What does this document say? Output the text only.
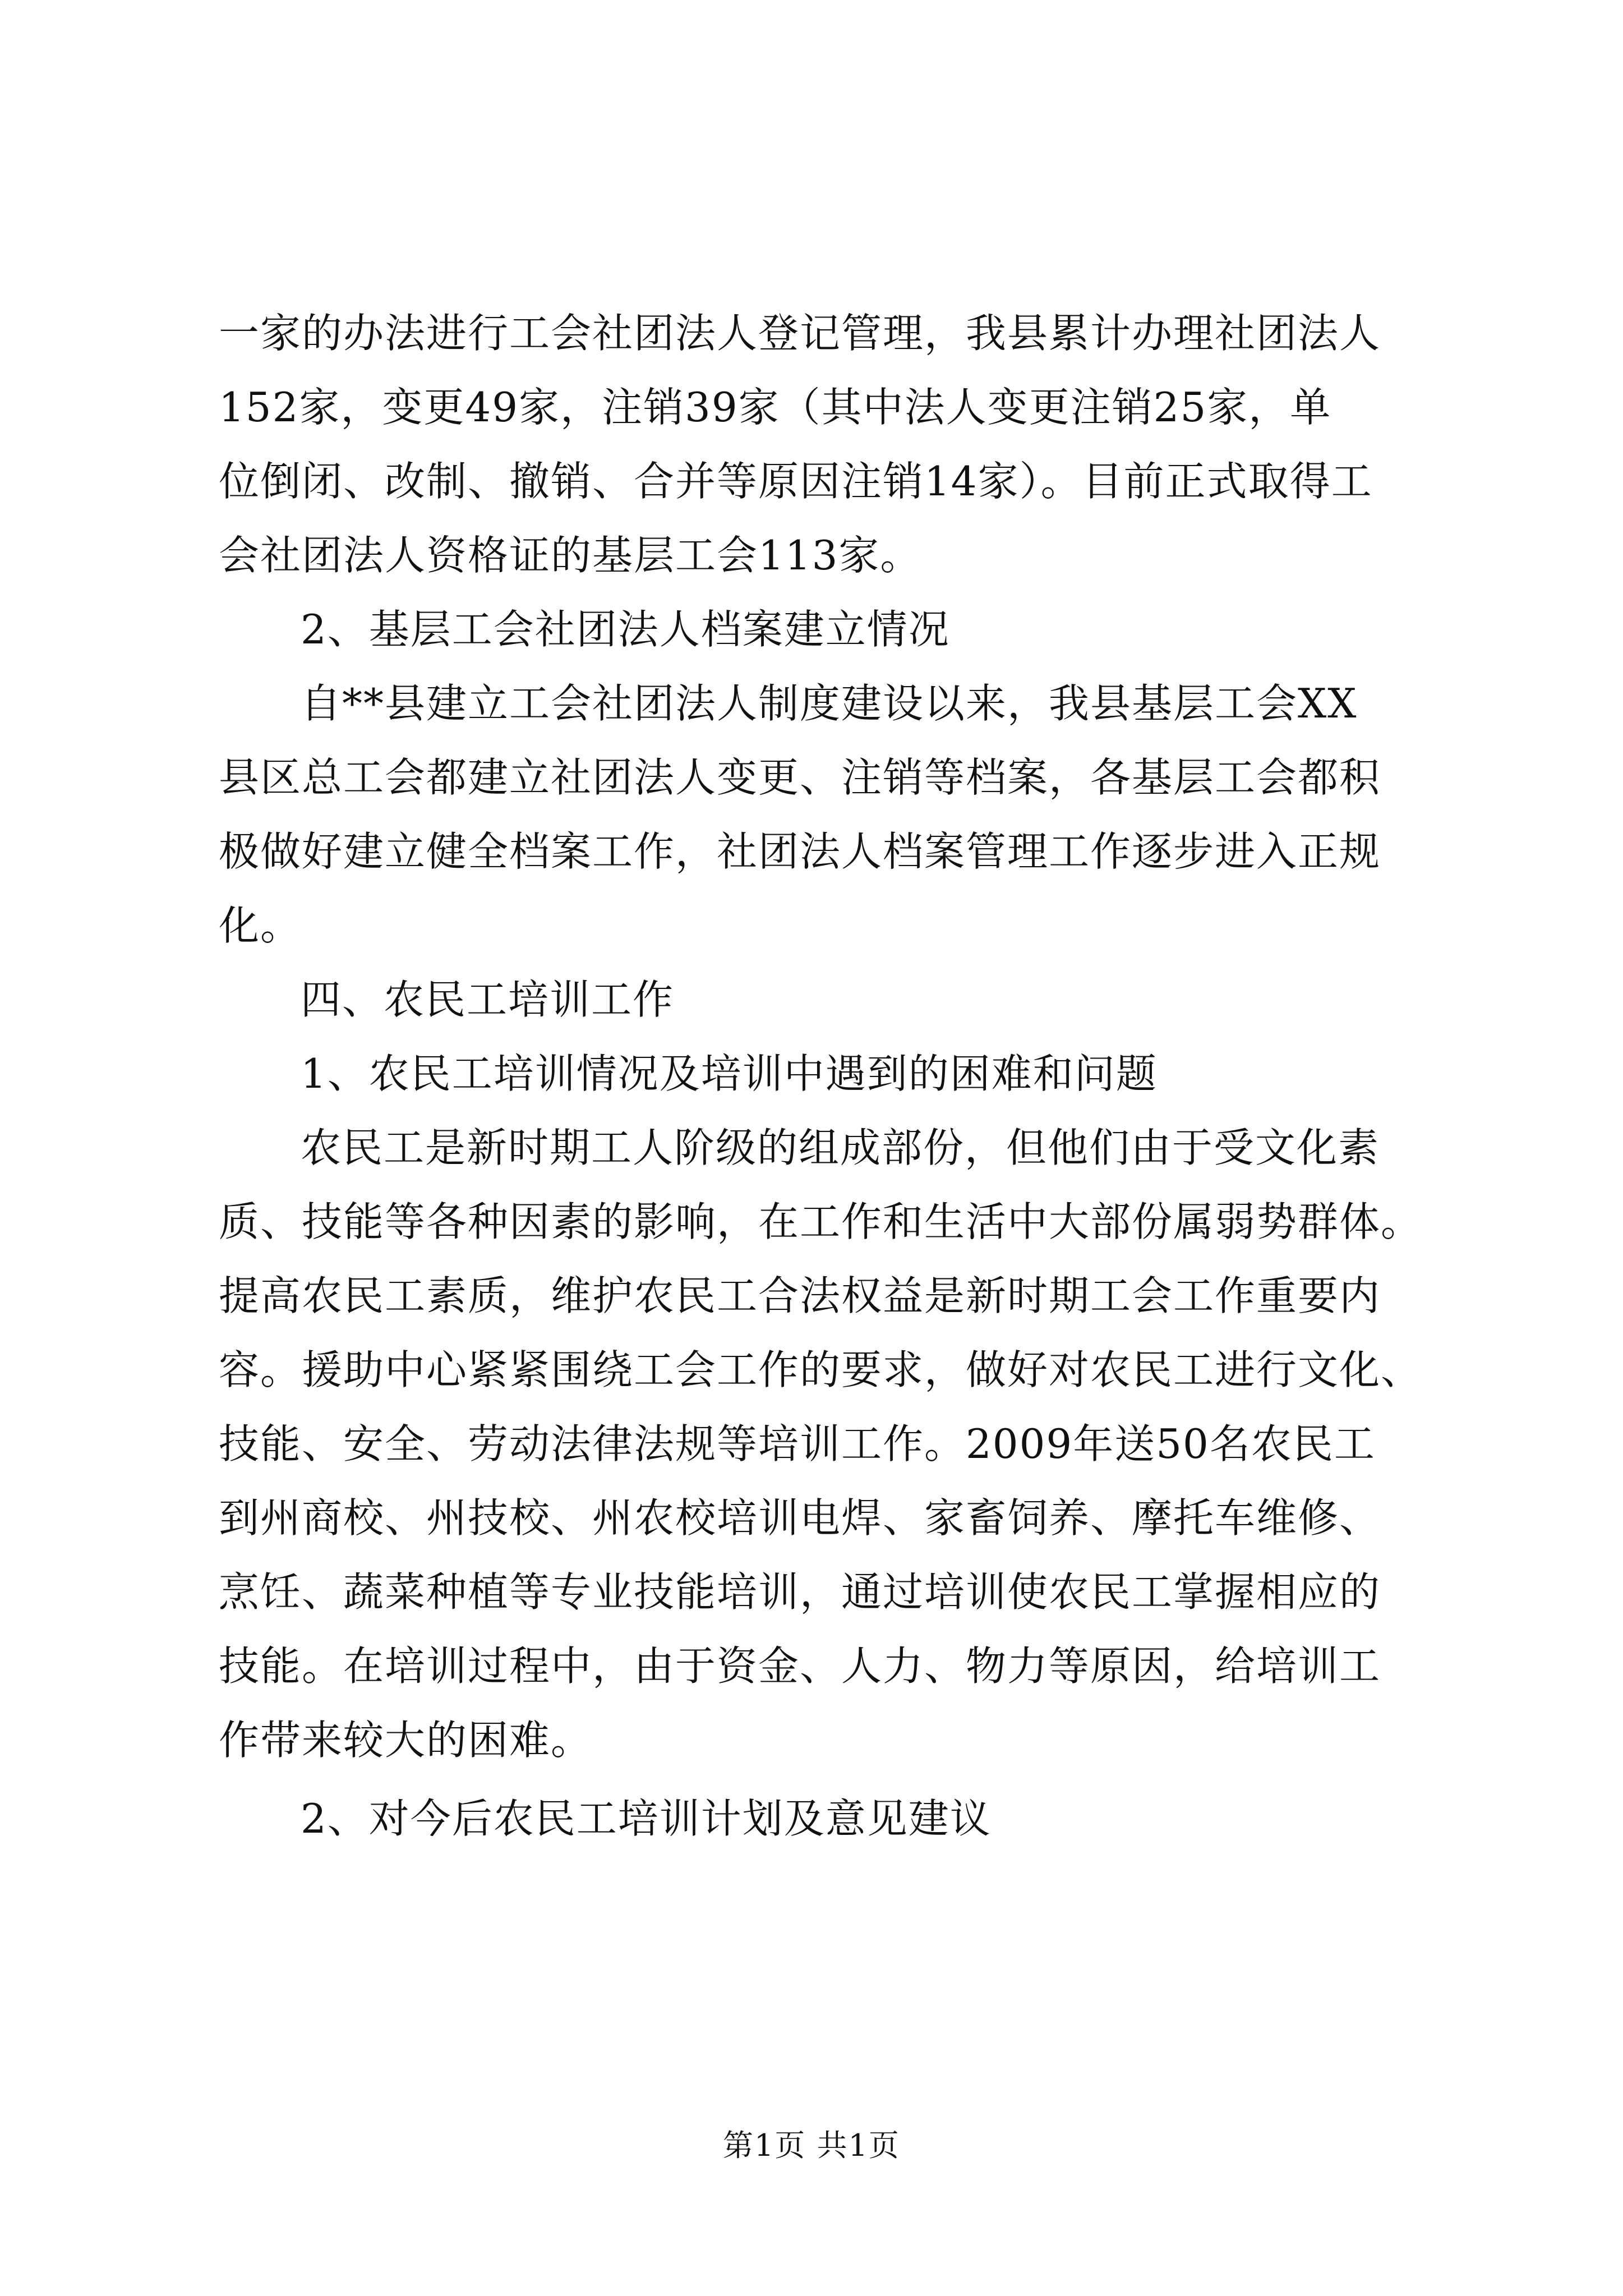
一家的办法进行工会社团法人登记管理，我县累计办理社团法人
152家，变更49家，注销39家（其中法人变更注销25家，单
位倒闭、改制、撤销、合并等原因注销14家）。目前正式取得工
会社团法人资格证的基层工会113家。
2、基层工会社团法人档案建立情况
自**县建立工会社团法人制度建设以来，我县基层工会XX
县区总工会都建立社团法人变更、注销等档案，各基层工会都积
极做好建立健全档案工作，社团法人档案管理工作逐步进入正规
化。
四、农民工培训工作
1、农民工培训情况及培训中遇到的困难和问题
农民工是新时期工人阶级的组成部份，但他们由于受文化素
质、技能等各种因素的影响，在工作和生活中大部份属弱势群体。
提高农民工素质，维护农民工合法权益是新时期工会工作重要内
容。援助中心紧紧围绕工会工作的要求，做好对农民工进行文化、
技能、安全、劳动法律法规等培训工作。2009年送50名农民工
到州商校、州技校、州农校培训电焊、家畜饲养、摩托车维修、
烹饪、蔬菜种植等专业技能培训，通过培训使农民工掌握相应的
技能。在培训过程中，由于资金、人力、物力等原因，给培训工
作带来较大的困难。
2、对今后农民工培训计划及意见建议
第1页 共1页
